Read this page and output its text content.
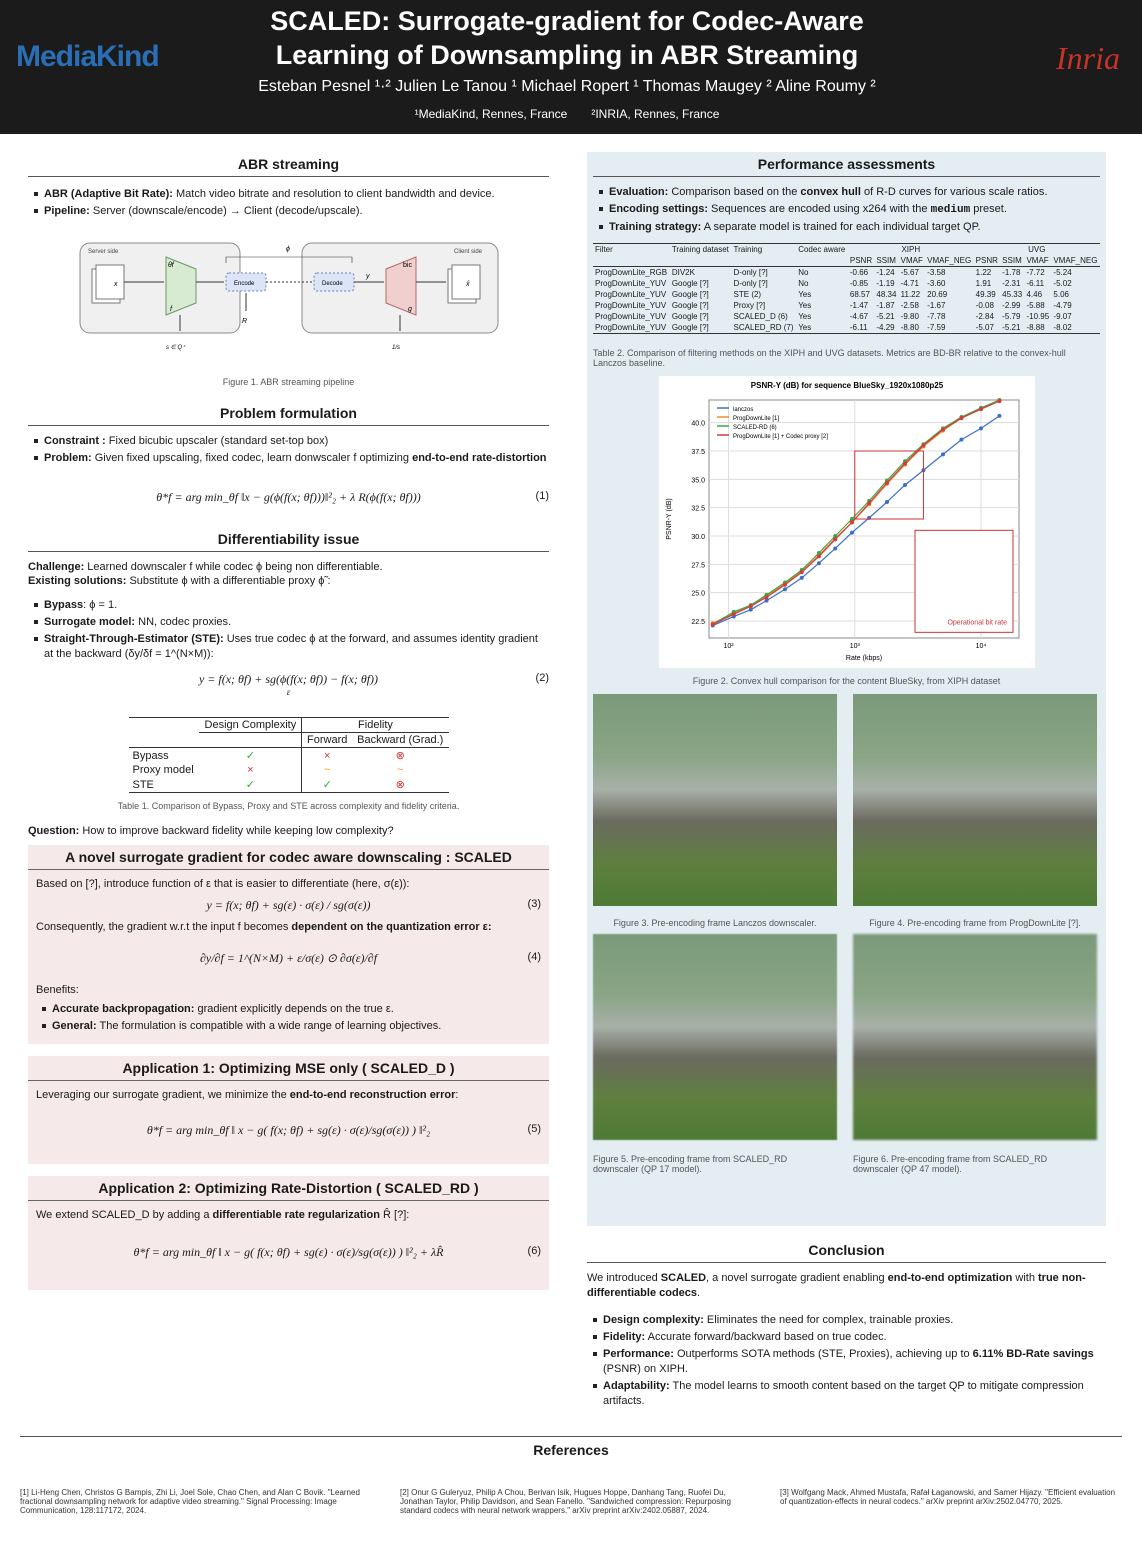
MediaKind
SCALED: Surrogate-gradient for Codec-Aware
Learning of Downsampling in ABR Streaming
Esteban Pesnel ¹·² Julien Le Tanou ¹ Michael Ropert ¹ Thomas Maugey ² Aline Roumy ²
¹MediaKind, Rennes, France ²INRIA, Rennes, France
Inria
ABR streaming
ABR (Adaptive Bit Rate): Match video bitrate and resolution to client bandwidth and device.
Pipeline: Server (downscale/encode) → Client (decode/upscale).
Server side	Client side
x
θf
f
Encode	Decode
bic
g
x̂
ϕ
y
R
s ∈ Q⁺	1/s
Figure 1. ABR streaming pipeline
Problem formulation
Constraint : Fixed bicubic upscaler (standard set-top box)
Problem: Given fixed upscaling, fixed codec, learn donwscaler f optimizing end-to-end rate-distortion
θ*f = arg min_θf ‖x − g(ϕ(f(x; θf)))‖²₂ + λ R(ϕ(f(x; θf)))	(1)
Differentiability issue
Challenge: Learned downscaler f while codec ϕ being non differentiable.
Existing solutions: Substitute ϕ with a differentiable proxy ϕ̃ :
Bypass: ϕ = 1.
Surrogate model: NN, codec proxies.
Straight-Through-Estimator (STE): Uses true codec ϕ at the forward, and assumes identity gradient at the backward (δy/δf = 1^(N×M)):
y = f(x; θf) + sg(ϕ(f(x; θf)) − f(x; θf))
ε
(2)
	Design Complexity	Fidelity	
		Forward	Backward (Grad.)
Bypass	✓	×	⊗
Proxy model	×	~	~
STE	✓	✓	⊗
Table 1. Comparison of Bypass, Proxy and STE across complexity and fidelity criteria.
Question: How to improve backward fidelity while keeping low complexity?
A novel surrogate gradient for codec aware downscaling : SCALED
Based on [?], introduce function of ε that is easier to differentiate (here, σ(ε)):
y = f(x; θf) + sg(ε) · σ(ε) / sg(σ(ε))	(3)
Consequently, the gradient w.r.t the input f becomes dependent on the quantization error ε:
∂y/∂f = 1^(N×M) + ε/σ(ε) ⊙ ∂σ(ε)/∂f	(4)
Benefits:
Accurate backpropagation: gradient explicitly depends on the true ε.
General: The formulation is compatible with a wide range of learning objectives.
Application 1: Optimizing MSE only ( SCALED_D )
Leveraging our surrogate gradient, we minimize the end-to-end reconstruction error:
θ*f = arg min_θf ‖ x − g( f(x; θf) + sg(ε) · σ(ε)/sg(σ(ε)) ) ‖²₂	(5)
Application 2: Optimizing Rate-Distortion ( SCALED_RD )
We extend SCALED_D by adding a differentiable rate regularization R̂ [?]:
θ*f = arg min_θf ‖ x − g( f(x; θf) + sg(ε) · σ(ε)/sg(σ(ε)) ) ‖²₂ + λR̂	(6)
Performance assessments
Evaluation: Comparison based on the convex hull of R-D curves for various scale ratios.
Encoding settings: Sequences are encoded using x264 with the medium preset.
Training strategy: A separate model is trained for each individual target QP.
Filter	Training dataset	Training	Codec aware	XIPH				UVG			
				PSNR	SSIM	VMAF	VMAF_NEG	PSNR	SSIM	VMAF	VMAF_NEG
ProgDownLite_RGB	DIV2K	D-only [?]	No	-0.66	-1.24	-5.67	-3.58	1.22	-1.78	-7.72	-5.24
ProgDownLite_YUV	Google [?]	D-only [?]	No	-0.85	-1.19	-4.71	-3.60	1.91	-2.31	-6.11	-5.02
ProgDownLite_YUV	Google [?]	STE (2)	Yes	68.57	48.34	11.22	20.69	49.39	45.33	4.46	5.06
ProgDownLite_YUV	Google [?]	Proxy [?]	Yes	-1.47	-1.87	-2.58	-1.67	-0.08	-2.99	-5.88	-4.79
ProgDownLite_YUV	Google [?]	SCALED_D (6)	Yes	-4.67	-5.21	-9.80	-7.78	-2.84	-5.79	-10.95	-9.07
ProgDownLite_YUV	Google [?]	SCALED_RD (7)	Yes	-6.11	-4.29	-8.80	-7.59	-5.07	-5.21	-8.88	-8.02
Table 2. Comparison of filtering methods on the XIPH and UVG datasets. Metrics are BD-BR relative to the convex-hull Lanczos baseline.
PSNR-Y (dB) for sequence BlueSky_1920x1080p25
22.5
25.0
27.5
30.0
32.5
35.0
37.5
40.0
10²	10³	10⁴
Rate (kbps)
PSNR-Y (dB)
lanczos
ProgDownLite [1]
SCALED-RD (6)
ProgDownLite [1] + Codec proxy [2]
Operational bit rate
Figure 2. Convex hull comparison for the content BlueSky, from XIPH dataset
Figure 3. Pre-encoding frame Lanczos downscaler.	Figure 4. Pre-encoding frame from ProgDownLite [?].
Figure 5. Pre-encoding frame from SCALED_RD downscaler (QP 17 model).
Figure 6. Pre-encoding frame from SCALED_RD downscaler (QP 47 model).
Conclusion
We introduced SCALED, a novel surrogate gradient enabling end-to-end optimization with true non-differentiable codecs.
Design complexity: Eliminates the need for complex, trainable proxies.
Fidelity: Accurate forward/backward based on true codec.
Performance: Outperforms SOTA methods (STE, Proxies), achieving up to 6.11% BD-Rate savings (PSNR) on XIPH.
Adaptability: The model learns to smooth content based on the target QP to mitigate compression artifacts.
References
[1] Li-Heng Chen, Christos G Bampis, Zhi Li, Joel Sole, Chao Chen, and Alan C Bovik. "Learned fractional downsampling network for adaptive video streaming." Signal Processing: Image Communication, 128:117172, 2024.
[2] Onur G Guleryuz, Philip A Chou, Berivan Isik, Hugues Hoppe, Danhang Tang, Ruofei Du, Jonathan Taylor, Philip Davidson, and Sean Fanello. "Sandwiched compression: Repurposing standard codecs with neural network wrappers." arXiv preprint arXiv:2402.05887, 2024.
[3] Wolfgang Mack, Ahmed Mustafa, Rafał Łaganowski, and Samer Hijazy. "Efficient evaluation of quantization-effects in neural codecs." arXiv preprint arXiv:2502.04770, 2025.
